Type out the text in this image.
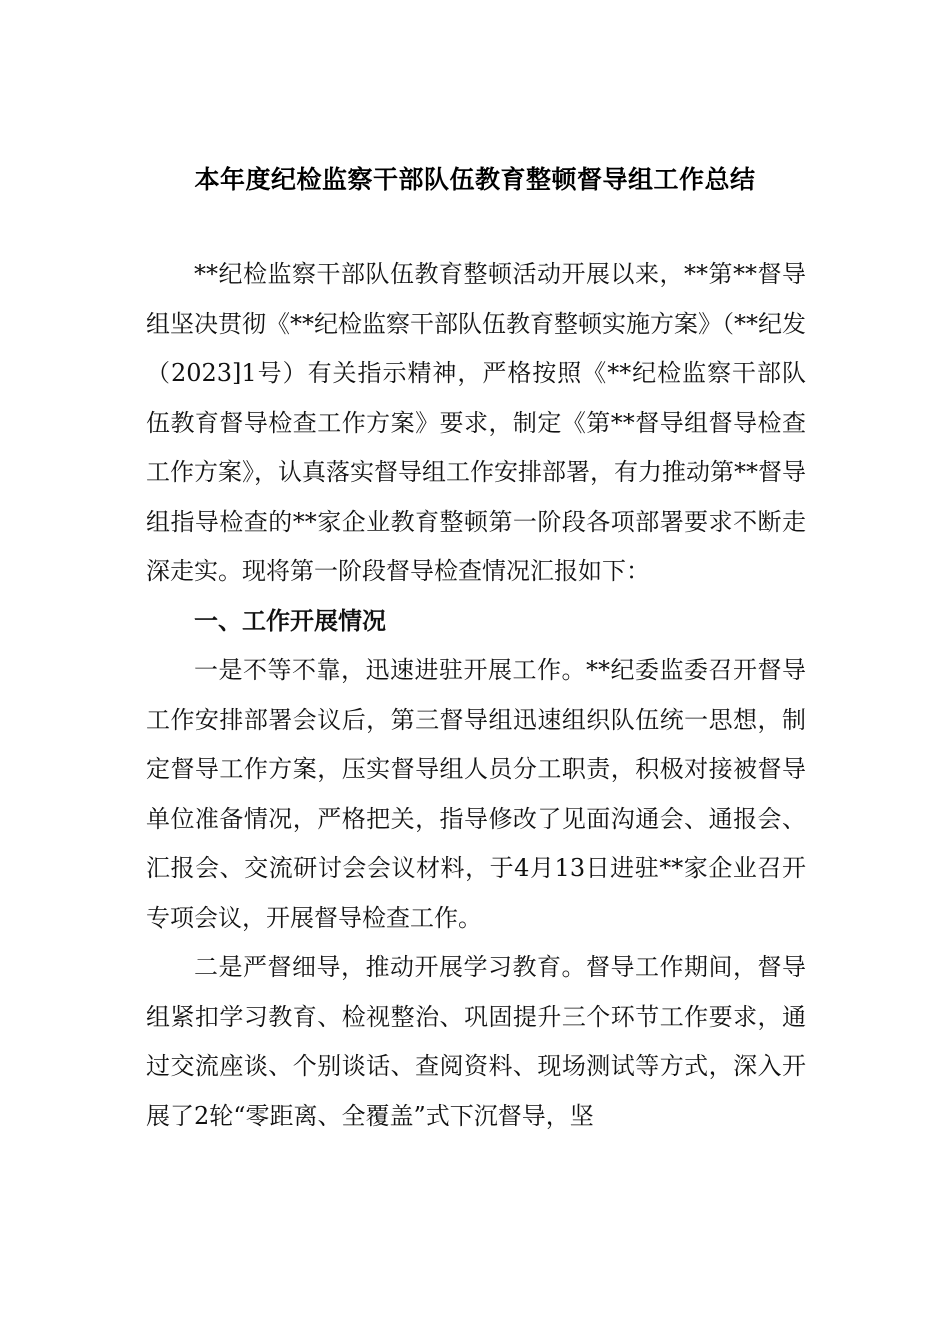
本年度纪检监察干部队伍教育整顿督导组工作总结

**纪检监察干部队伍教育整顿活动开展以来，**第**督导组坚决贯彻《**纪检监察干部队伍教育整顿实施方案》（**纪发（2023]1号）有关指示精神，严格按照《**纪检监察干部队伍教育督导检查工作方案》要求，制定《第**督导组督导检查工作方案》，认真落实督导组工作安排部署，有力推动第**督导组指导检查的**家企业教育整顿第一阶段各项部署要求不断走深走实。现将第一阶段督导检查情况汇报如下：

一、工作开展情况

一是不等不靠，迅速进驻开展工作。**纪委监委召开督导工作安排部署会议后，第三督导组迅速组织队伍统一思想，制定督导工作方案，压实督导组人员分工职责，积极对接被督导单位准备情况，严格把关，指导修改了见面沟通会、通报会、汇报会、交流研讨会会议材料，于4月13日进驻**家企业召开专项会议，开展督导检查工作。

二是严督细导，推动开展学习教育。督导工作期间，督导组紧扣学习教育、检视整治、巩固提升三个环节工作要求，通过交流座谈、个别谈话、查阅资料、现场测试等方式，深入开展了2轮“零距离、全覆盖”式下沉督导，坚
